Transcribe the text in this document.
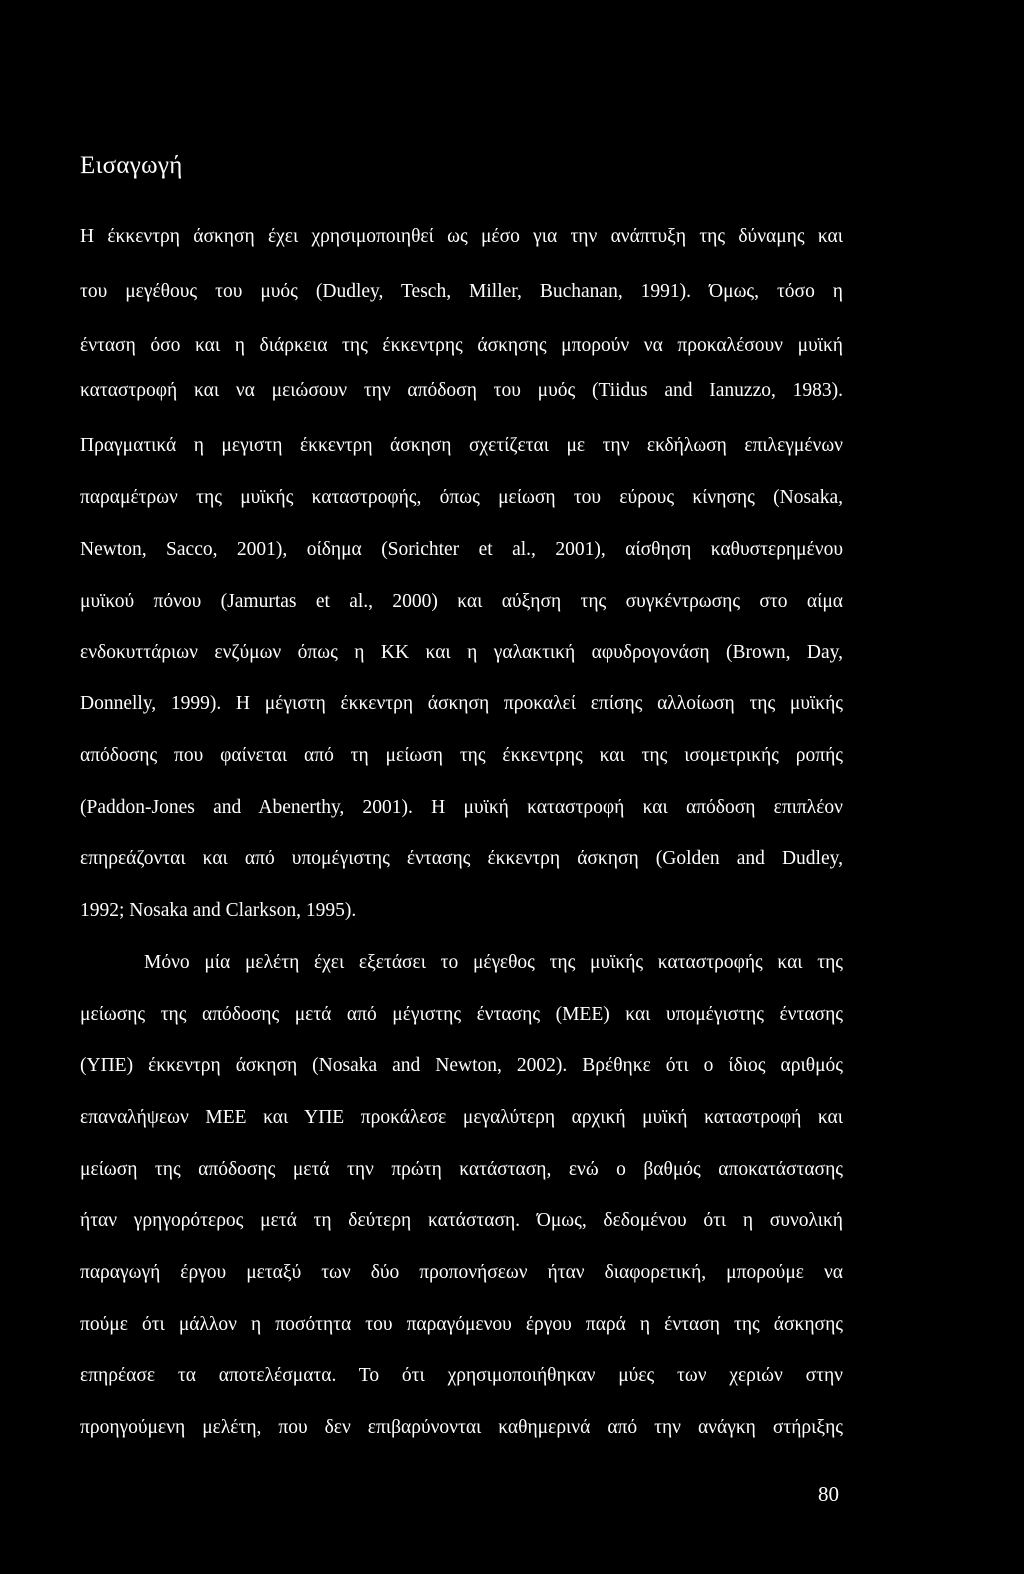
Εισαγωγή
Η έκκεντρη άσκηση έχει χρησιμοποιηθεί ως μέσο για την ανάπτυξη της δύναμης και
του μεγέθους του μυός (Dudley, Tesch, Miller, Buchanan, 1991). Όμως, τόσο η
ένταση όσο και η διάρκεια της έκκεντρης άσκησης μπορούν να προκαλέσουν μυϊκή
καταστροφή και να μειώσουν την απόδοση του μυός (Tiidus and Ianuzzo, 1983).
Πραγματικά η μεγιστη έκκεντρη άσκηση σχετίζεται με την εκδήλωση επιλεγμένων
παραμέτρων της μυϊκής καταστροφής, όπως μείωση του εύρους κίνησης (Nosaka,
Newton, Sacco, 2001), οίδημα (Sorichter et al., 2001), αίσθηση καθυστερημένου
μυϊκού πόνου (Jamurtas et al., 2000) και αύξηση της συγκέντρωσης στο αίμα
ενδοκυττάριων ενζύμων όπως η ΚΚ και η γαλακτική αφυδρογονάση (Brown, Day,
Donnelly, 1999). Η μέγιστη έκκεντρη άσκηση προκαλεί επίσης αλλοίωση της μυϊκής
απόδοσης που φαίνεται από τη μείωση της έκκεντρης και της ισομετρικής ροπής
(Paddon-Jones and Abenerthy, 2001). Η μυϊκή καταστροφή και απόδοση επιπλέον
επηρεάζονται και από υπομέγιστης έντασης έκκεντρη άσκηση (Golden and Dudley,
1992; Nosaka and Clarkson, 1995).
Μόνο μία μελέτη έχει εξετάσει το μέγεθος της μυϊκής καταστροφής και της
μείωσης της απόδοσης μετά από μέγιστης έντασης (ΜΕΕ) και υπομέγιστης έντασης
(ΥΠΕ) έκκεντρη άσκηση (Nosaka and Newton, 2002). Βρέθηκε ότι ο ίδιος αριθμός
επαναλήψεων ΜΕΕ και ΥΠΕ προκάλεσε μεγαλύτερη αρχική μυϊκή καταστροφή και
μείωση της απόδοσης μετά την πρώτη κατάσταση, ενώ ο βαθμός αποκατάστασης
ήταν γρηγορότερος μετά τη δεύτερη κατάσταση. Όμως, δεδομένου ότι η συνολική
παραγωγή έργου μεταξύ των δύο προπονήσεων ήταν διαφορετική, μπορούμε να
πούμε ότι μάλλον η ποσότητα του παραγόμενου έργου παρά η ένταση της άσκησης
επηρέασε τα αποτελέσματα. Το ότι χρησιμοποιήθηκαν μύες των χεριών στην
προηγούμενη μελέτη, που δεν επιβαρύνονται καθημερινά από την ανάγκη στήριξης
80
